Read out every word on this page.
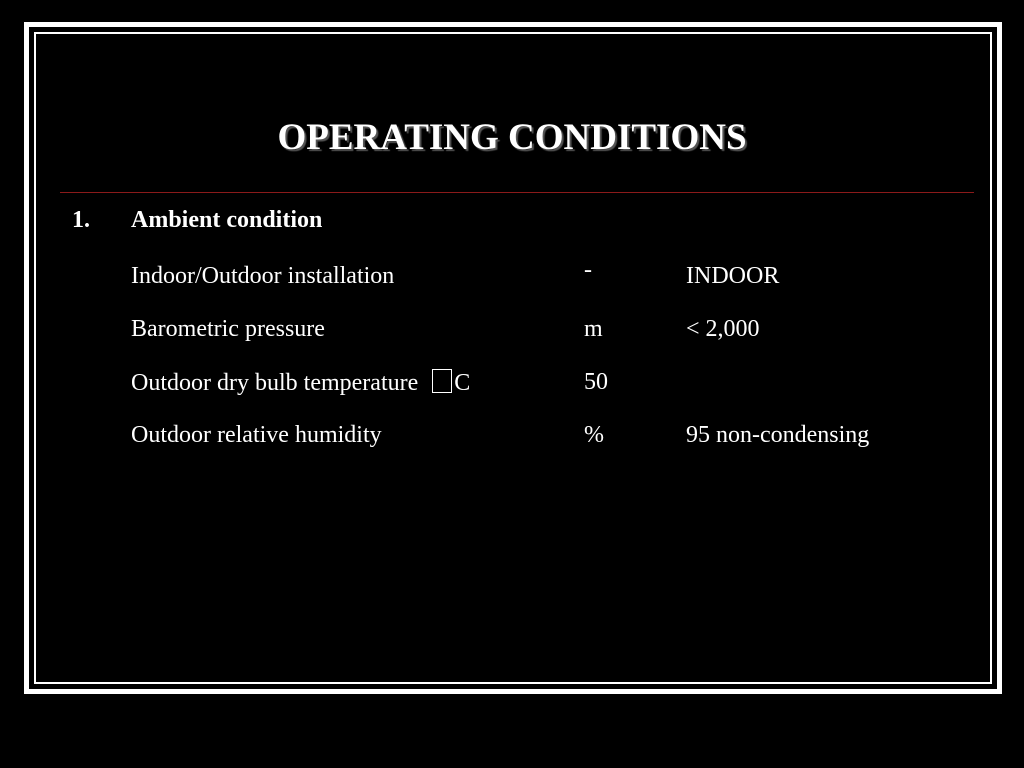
OPERATING CONDITIONS
1. Ambient condition
Indoor/Outdoor installation	-	INDOOR
Barometric pressure	m	< 2,000
Outdoor dry bulb temperature C	50
Outdoor relative humidity	%	95 non-condensing
